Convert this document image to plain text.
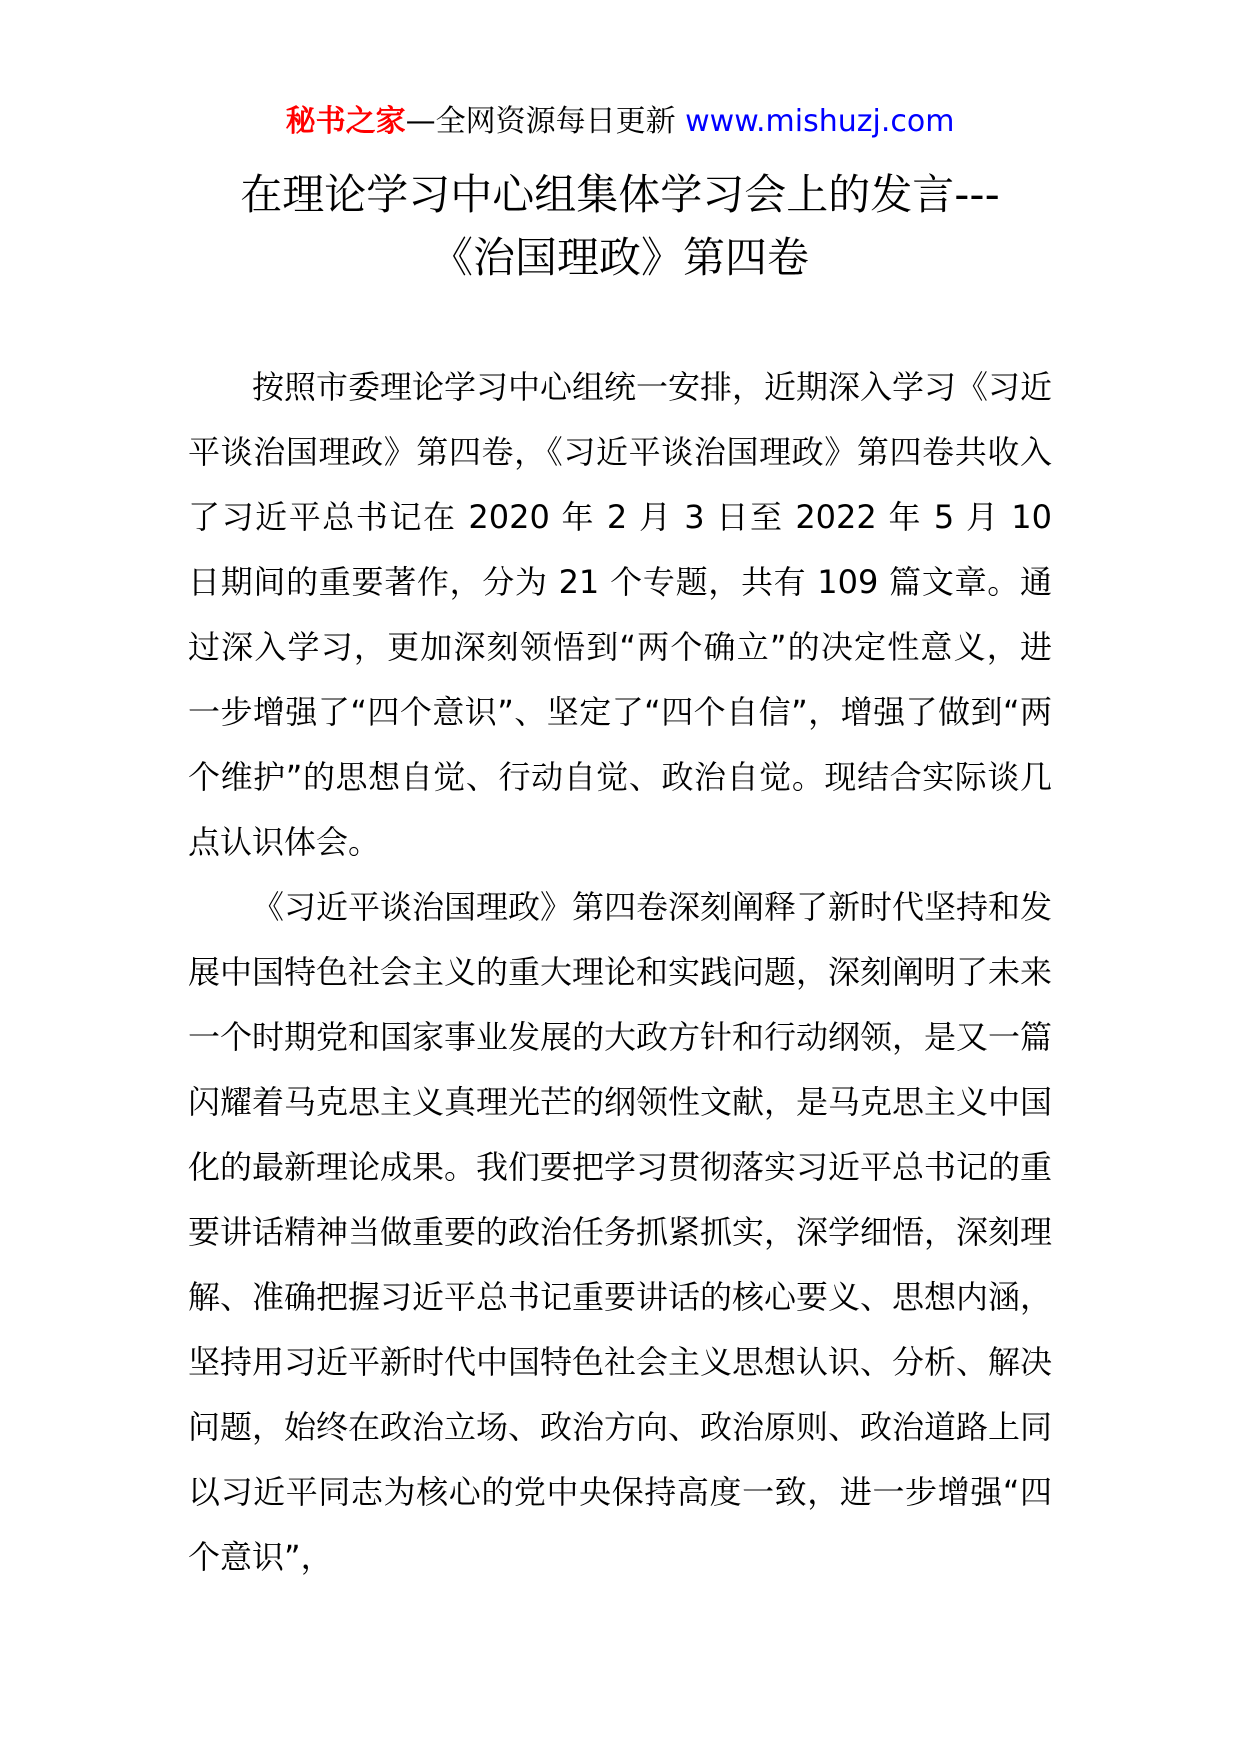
秘书之家—全网资源每日更新 www.mishuzj.com
在理论学习中心组集体学习会上的发言---
《治国理政》第四卷

按照市委理论学习中心组统一安排，近期深入学习《习近平谈治国理政》第四卷，《习近平谈治国理政》第四卷共收入了习近平总书记在 2020 年 2 月 3 日至 2022 年 5 月 10 日期间的重要著作，分为 21 个专题，共有 109 篇文章。通过深入学习，更加深刻领悟到“两个确立”的决定性意义，进一步增强了“四个意识”、坚定了“四个自信”，增强了做到“两个维护”的思想自觉、行动自觉、政治自觉。现结合实际谈几点认识体会。

《习近平谈治国理政》第四卷深刻阐释了新时代坚持和发展中国特色社会主义的重大理论和实践问题，深刻阐明了未来一个时期党和国家事业发展的大政方针和行动纲领，是又一篇闪耀着马克思主义真理光芒的纲领性文献，是马克思主义中国化的最新理论成果。我们要把学习贯彻落实习近平总书记的重要讲话精神当做重要的政治任务抓紧抓实，深学细悟，深刻理解、准确把握习近平总书记重要讲话的核心要义、思想内涵，坚持用习近平新时代中国特色社会主义思想认识、分析、解决问题，始终在政治立场、政治方向、政治原则、政治道路上同以习近平同志为核心的党中央保持高度一致，进一步增强“四个意识”，
